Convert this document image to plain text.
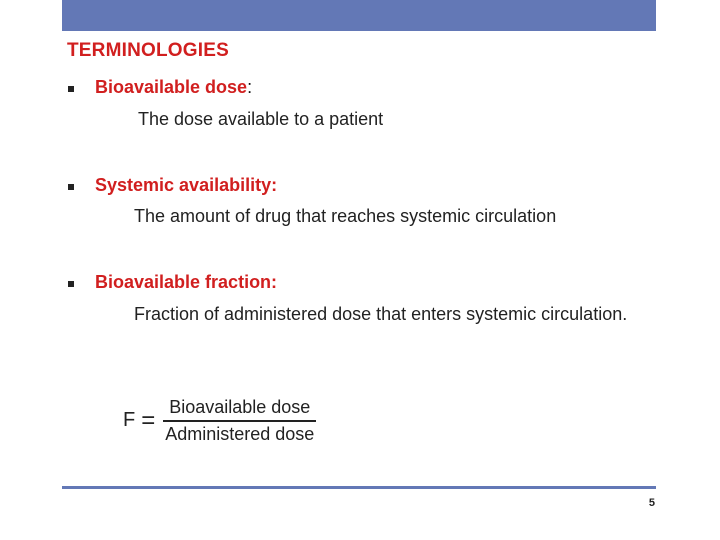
TERMINOLOGIES
Bioavailable dose:
The dose available to a patient
Systemic availability:
The amount of drug that reaches systemic circulation
Bioavailable fraction:
Fraction of administered dose that enters systemic circulation.
$F = \frac{\text{Bioavailable dose}}{\text{Administered dose}}$
5
